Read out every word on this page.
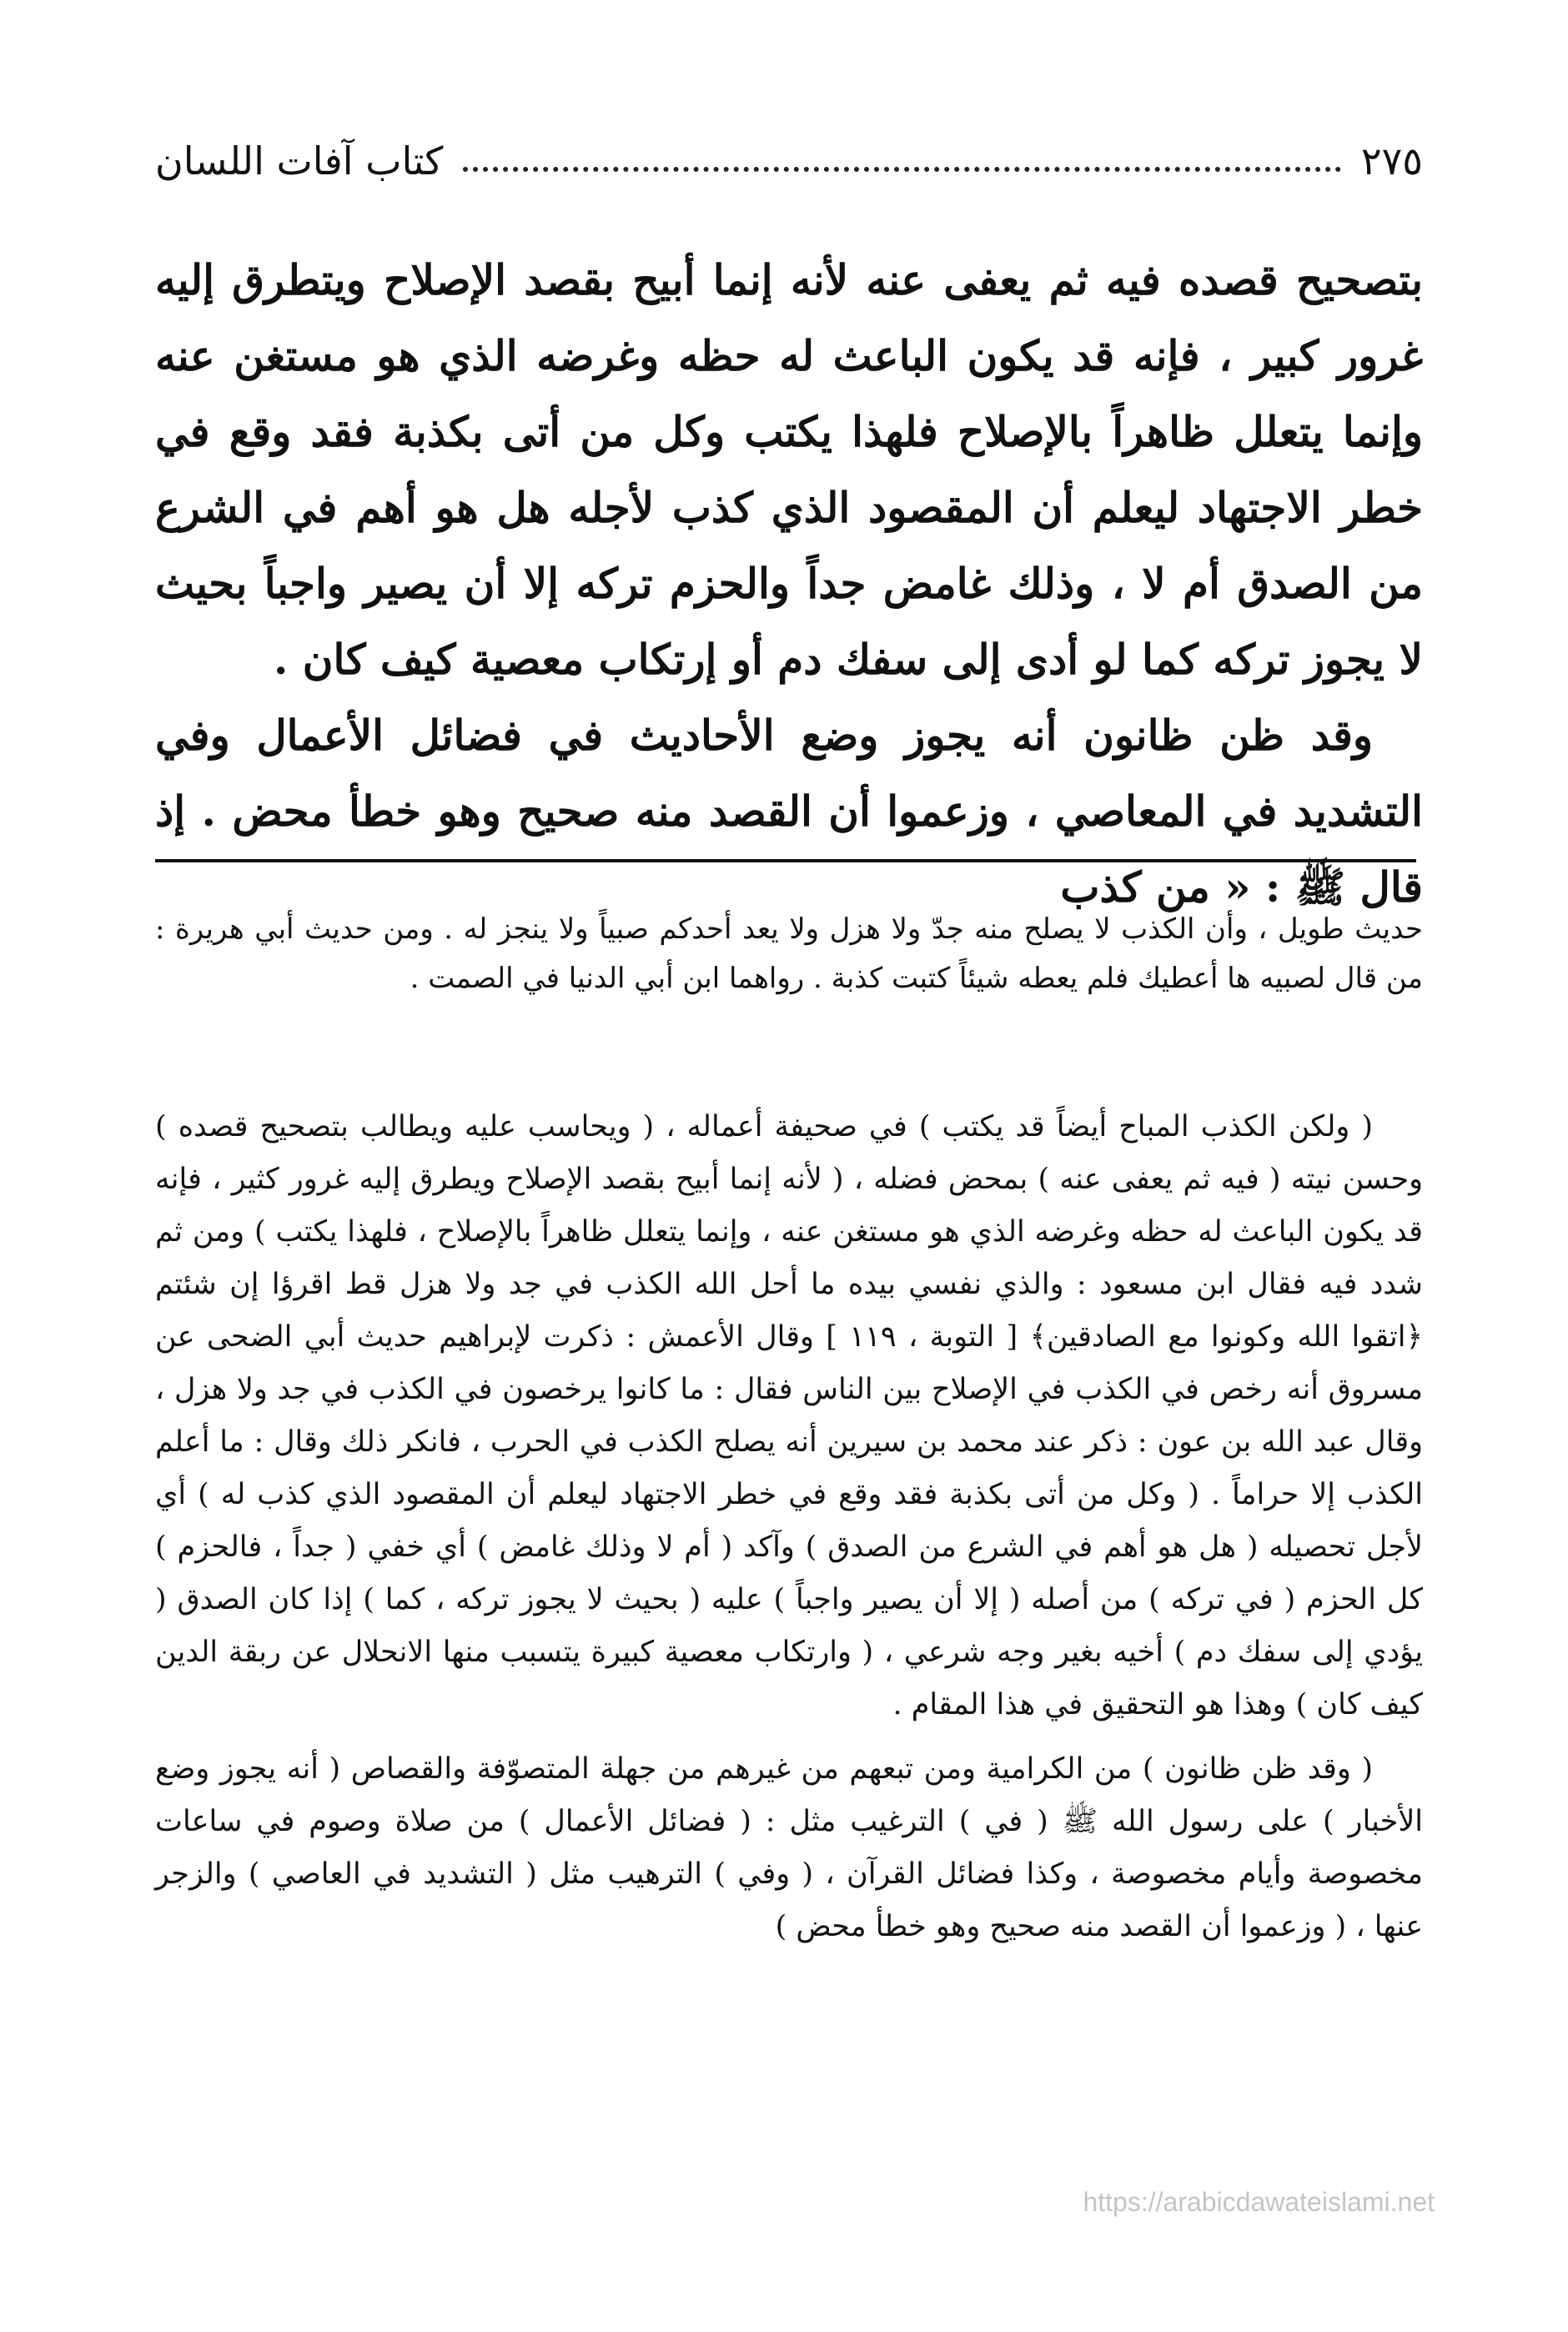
كتاب آفات اللسان	٢٧٥

بتصحيح قصده فيه ثم يعفى عنه لأنه إنما أبيح بقصد الإصلاح ويتطرق إليه غرور كبير ، فإنه قد يكون الباعث له حظه وغرضه الذي هو مستغن عنه وإنما يتعلل ظاهراً بالإصلاح فلهذا يكتب وكل من أتى بكذبة فقد وقع في خطر الاجتهاد ليعلم أن المقصود الذي كذب لأجله هل هو أهم في الشرع من الصدق أم لا ، وذلك غامض جداً والحزم تركه إلا أن يصير واجباً بحيث لا يجوز تركه كما لو أدى إلى سفك دم أو إرتكاب معصية كيف كان .

وقد ظن ظانون أنه يجوز وضع الأحاديث في فضائل الأعمال وفي التشديد في المعاصي ، وزعموا أن القصد منه صحيح وهو خطأ محض . إذ قال ﷺ : « من كذب

حديث طويل ، وأن الكذب لا يصلح منه جدّ ولا هزل ولا يعد أحدكم صبياً ولا ينجز له . ومن حديث أبي هريرة : من قال لصبيه ها أعطيك فلم يعطه شيئاً كتبت كذبة . رواهما ابن أبي الدنيا في الصمت .

( ولكن الكذب المباح أيضاً قد يكتب ) في صحيفة أعماله ، ( ويحاسب عليه ويطالب بتصحيح قصده ) وحسن نيته ( فيه ثم يعفى عنه ) بمحض فضله ، ( لأنه إنما أبيح بقصد الإصلاح ويطرق إليه غرور كثير ، فإنه قد يكون الباعث له حظه وغرضه الذي هو مستغن عنه ، وإنما يتعلل ظاهراً بالإصلاح ، فلهذا يكتب ) ومن ثم شدد فيه فقال ابن مسعود : والذي نفسي بيده ما أحل الله الكذب في جد ولا هزل قط اقرؤا إن شئتم ﴿اتقوا الله وكونوا مع الصادقين﴾ [ التوبة ، ١١٩ ] وقال الأعمش : ذكرت لإبراهيم حديث أبي الضحى عن مسروق أنه رخص في الكذب في الإصلاح بين الناس فقال : ما كانوا يرخصون في الكذب في جد ولا هزل ، وقال عبد الله بن عون : ذكر عند محمد بن سيرين أنه يصلح الكذب في الحرب ، فانكر ذلك وقال : ما أعلم الكذب إلا حراماً . ( وكل من أتى بكذبة فقد وقع في خطر الاجتهاد ليعلم أن المقصود الذي كذب له ) أي لأجل تحصيله ( هل هو أهم في الشرع من الصدق ) وآكد ( أم لا وذلك غامض ) أي خفي ( جداً ، فالحزم ) كل الحزم ( في تركه ) من أصله ( إلا أن يصير واجباً ) عليه ( بحيث لا يجوز تركه ، كما ) إذا كان الصدق ( يؤدي إلى سفك دم ) أخيه بغير وجه شرعي ، ( وارتكاب معصية كبيرة يتسبب منها الانحلال عن ربقة الدين كيف كان ) وهذا هو التحقيق في هذا المقام .

( وقد ظن ظانون ) من الكرامية ومن تبعهم من غيرهم من جهلة المتصوّفة والقصاص ( أنه يجوز وضع الأخبار ) على رسول الله ﷺ ( في ) الترغيب مثل : ( فضائل الأعمال ) من صلاة وصوم في ساعات مخصوصة وأيام مخصوصة ، وكذا فضائل القرآن ، ( وفي ) الترهيب مثل ( التشديد في العاصي ) والزجر عنها ، ( وزعموا أن القصد منه صحيح وهو خطأ محض )

https://arabicdawateislami.net
